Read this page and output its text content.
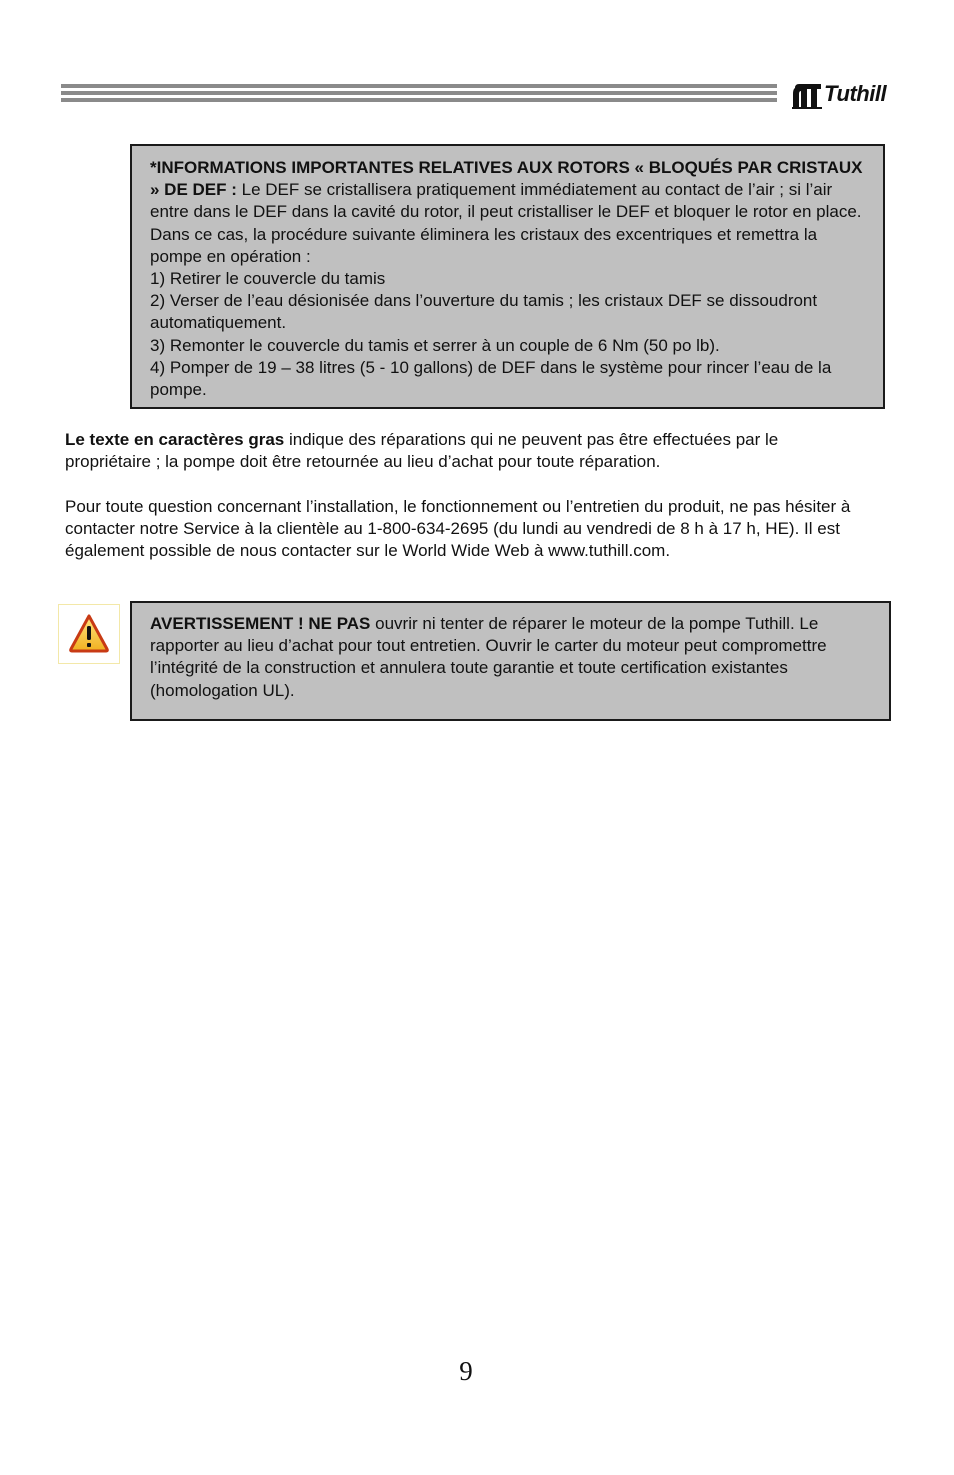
Tuthill

*INFORMATIONS IMPORTANTES RELATIVES AUX ROTORS « BLOQUÉS PAR CRISTAUX » DE DEF : Le DEF se cristallisera pratiquement immédiatement au contact de l’air ; si l’air entre dans le DEF dans la cavité du rotor, il peut cristalliser le DEF et bloquer le rotor en place. Dans ce cas, la procédure suivante éliminera les cristaux des excentriques et remettra la pompe en opération :

1) Retirer le couvercle du tamis

2) Verser de l’eau désionisée dans l’ouverture du tamis ; les cristaux DEF se dissoudront automatiquement.

3) Remonter le couvercle du tamis et serrer à un couple de 6 Nm (50 po lb).

4) Pomper de 19 – 38 litres (5 - 10 gallons) de DEF dans le système pour rincer l’eau de la pompe.

Le texte en caractères gras indique des réparations qui ne peuvent pas être effectuées par le propriétaire ; la pompe doit être retournée au lieu d’achat pour toute réparation.

Pour toute question concernant l’installation, le fonctionnement ou l’entretien du produit, ne pas hésiter à contacter notre Service à la clientèle au 1-800-634-2695 (du lundi au vendredi de 8 h à 17 h, HE). Il est également possible de nous contacter sur le World Wide Web à www.tuthill.com.

AVERTISSEMENT ! NE PAS ouvrir ni tenter de réparer le moteur de la pompe Tuthill. Le rapporter au lieu d’achat pour tout entretien. Ouvrir le carter du moteur peut compromettre l’intégrité de la construction et annulera toute garantie et toute certification existantes (homologation UL).

9
